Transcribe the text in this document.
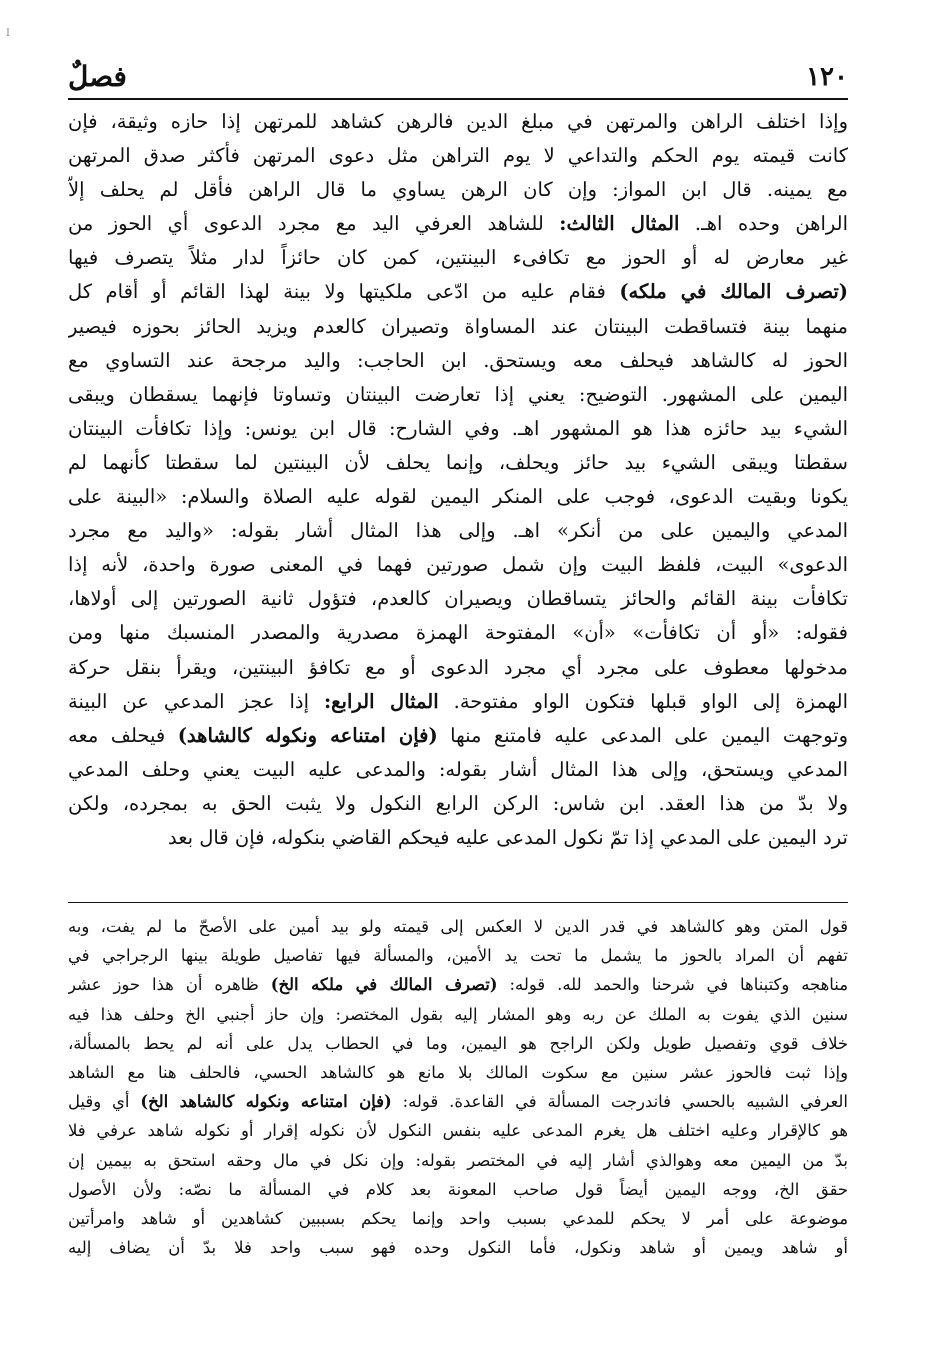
I
١٢٠
فصلٌ
وإذا اختلف الراهن والمرتهن في مبلغ الدين فالرهن كشاهد للمرتهن إذا حازه وثيقة، فإن
كانت قيمته يوم الحكم والتداعي لا يوم التراهن مثل دعوى المرتهن فأكثر صدق المرتهن
مع يمينه. قال ابن المواز: وإن كان الرهن يساوي ما قال الراهن فأقل لم يحلف إلاّ
الراهن وحده اهـ. المثال الثالث: للشاهد العرفي اليد مع مجرد الدعوى أي الحوز من
غير معارض له أو الحوز مع تكافىء البينتين، كمن كان حائزاً لدار مثلاً يتصرف فيها
(تصرف المالك في ملكه) فقام عليه من ادّعى ملكيتها ولا بينة لهذا القائم أو أقام كل
منهما بينة فتساقطت البينتان عند المساواة وتصيران كالعدم ويزيد الحائز بحوزه فيصير
الحوز له كالشاهد فيحلف معه ويستحق. ابن الحاجب: واليد مرجحة عند التساوي مع
اليمين على المشهور. التوضيح: يعني إذا تعارضت البينتان وتساوتا فإنهما يسقطان ويبقى
الشيء بيد حائزه هذا هو المشهور اهـ. وفي الشارح: قال ابن يونس: وإذا تكافأت البينتان
سقطتا ويبقى الشيء بيد حائز ويحلف، وإنما يحلف لأن البينتين لما سقطتا كأنهما لم
يكونا وبقيت الدعوى، فوجب على المنكر اليمين لقوله عليه الصلاة والسلام: «البينة على
المدعي واليمين على من أنكر» اهـ. وإلى هذا المثال أشار بقوله: «واليد مع مجرد
الدعوى» البيت، فلفظ البيت وإن شمل صورتين فهما في المعنى صورة واحدة، لأنه إذا
تكافأت بينة القائم والحائز يتساقطان ويصيران كالعدم، فتؤول ثانية الصورتين إلى أولاها،
فقوله: «أو أن تكافأت» «أن» المفتوحة الهمزة مصدرية والمصدر المنسبك منها ومن
مدخولها معطوف على مجرد أي مجرد الدعوى أو مع تكافؤ البينتين، ويقرأ بنقل حركة
الهمزة إلى الواو قبلها فتكون الواو مفتوحة. المثال الرابع: إذا عجز المدعي عن البينة
وتوجهت اليمين على المدعى عليه فامتنع منها (فإن امتناعه ونكوله كالشاهد) فيحلف معه
المدعي ويستحق، وإلى هذا المثال أشار بقوله: والمدعى عليه البيت يعني وحلف المدعي
ولا بدّ من هذا العقد. ابن شاس: الركن الرابع النكول ولا يثبت الحق به بمجرده، ولكن
ترد اليمين على المدعي إذا تمّ نكول المدعى عليه فيحكم القاضي بنكوله، فإن قال بعد
قول المتن وهو كالشاهد في قدر الدين لا العكس إلى قيمته ولو بيد أمين على الأصحّ ما لم يفت، وبه
تفهم أن المراد بالحوز ما يشمل ما تحت يد الأمين، والمسألة فيها تفاصيل طويلة بينها الرجراجي في
مناهجه وكتبناها في شرحنا والحمد لله. قوله: (تصرف المالك في ملكه الخ) ظاهره أن هذا حوز عشر
سنين الذي يفوت به الملك عن ربه وهو المشار إليه بقول المختصر: وإن حاز أجنبي الخ وحلف هذا فيه
خلاف قوي وتفصيل طويل ولكن الراجح هو اليمين، وما في الحطاب يدل على أنه لم يحط بالمسألة،
وإذا ثبت فالحوز عشر سنين مع سكوت المالك بلا مانع هو كالشاهد الحسي، فالحلف هنا مع الشاهد
العرفي الشبيه بالحسي فاندرجت المسألة في القاعدة. قوله: (فإن امتناعه ونكوله كالشاهد الخ) أي وقيل
هو كالإقرار وعليه اختلف هل يغرم المدعى عليه بنفس النكول لأن نكوله إقرار أو نكوله شاهد عرفي فلا
بدّ من اليمين معه وهوالذي أشار إليه في المختصر بقوله: وإن نكل في مال وحقه استحق به بيمين إن
حقق الخ، ووجه اليمين أيضاً قول صاحب المعونة بعد كلام في المسألة ما نصّه: ولأن الأصول
موضوعة على أمر لا يحكم للمدعي بسبب واحد وإنما يحكم بسببين كشاهدين أو شاهد وامرأتين
أو شاهد ويمين أو شاهد ونكول، فأما النكول وحده فهو سبب واحد فلا بدّ أن يضاف إليه
